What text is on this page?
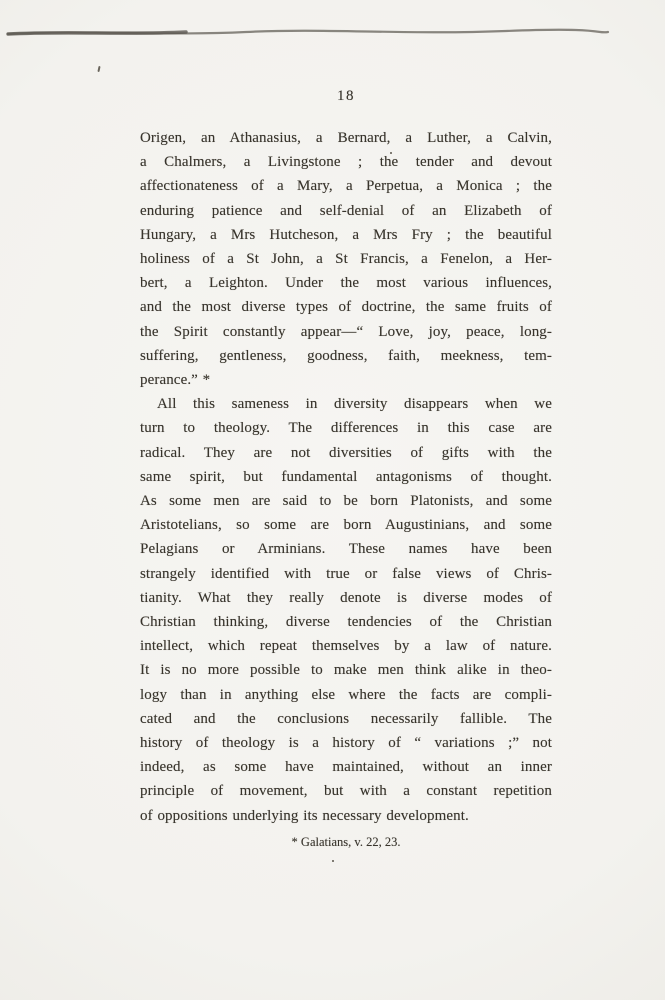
18

Origen, an Athanasius, a Bernard, a Luther, a Calvin,
a Chalmers, a Livingstone ; the tender and devout
affectionateness of a Mary, a Perpetua, a Monica ; the
enduring patience and self-denial of an Elizabeth of
Hungary, a Mrs Hutcheson, a Mrs Fry ; the beautiful
holiness of a St John, a St Francis, a Fenelon, a Her-
bert, a Leighton. Under the most various influences,
and the most diverse types of doctrine, the same fruits of
the Spirit constantly appear—“ Love, joy, peace, long-
suffering, gentleness, goodness, faith, meekness, tem-
perance.” *

All this sameness in diversity disappears when we
turn to theology. The differences in this case are
radical. They are not diversities of gifts with the
same spirit, but fundamental antagonisms of thought.
As some men are said to be born Platonists, and some
Aristotelians, so some are born Augustinians, and some
Pelagians or Arminians. These names have been
strangely identified with true or false views of Chris-
tianity. What they really denote is diverse modes of
Christian thinking, diverse tendencies of the Christian
intellect, which repeat themselves by a law of nature.
It is no more possible to make men think alike in theo-
logy than in anything else where the facts are compli-
cated and the conclusions necessarily fallible. The
history of theology is a history of “ variations ;” not
indeed, as some have maintained, without an inner
principle of movement, but with a constant repetition
of oppositions underlying its necessary development.

* Galatians, v. 22, 23.
